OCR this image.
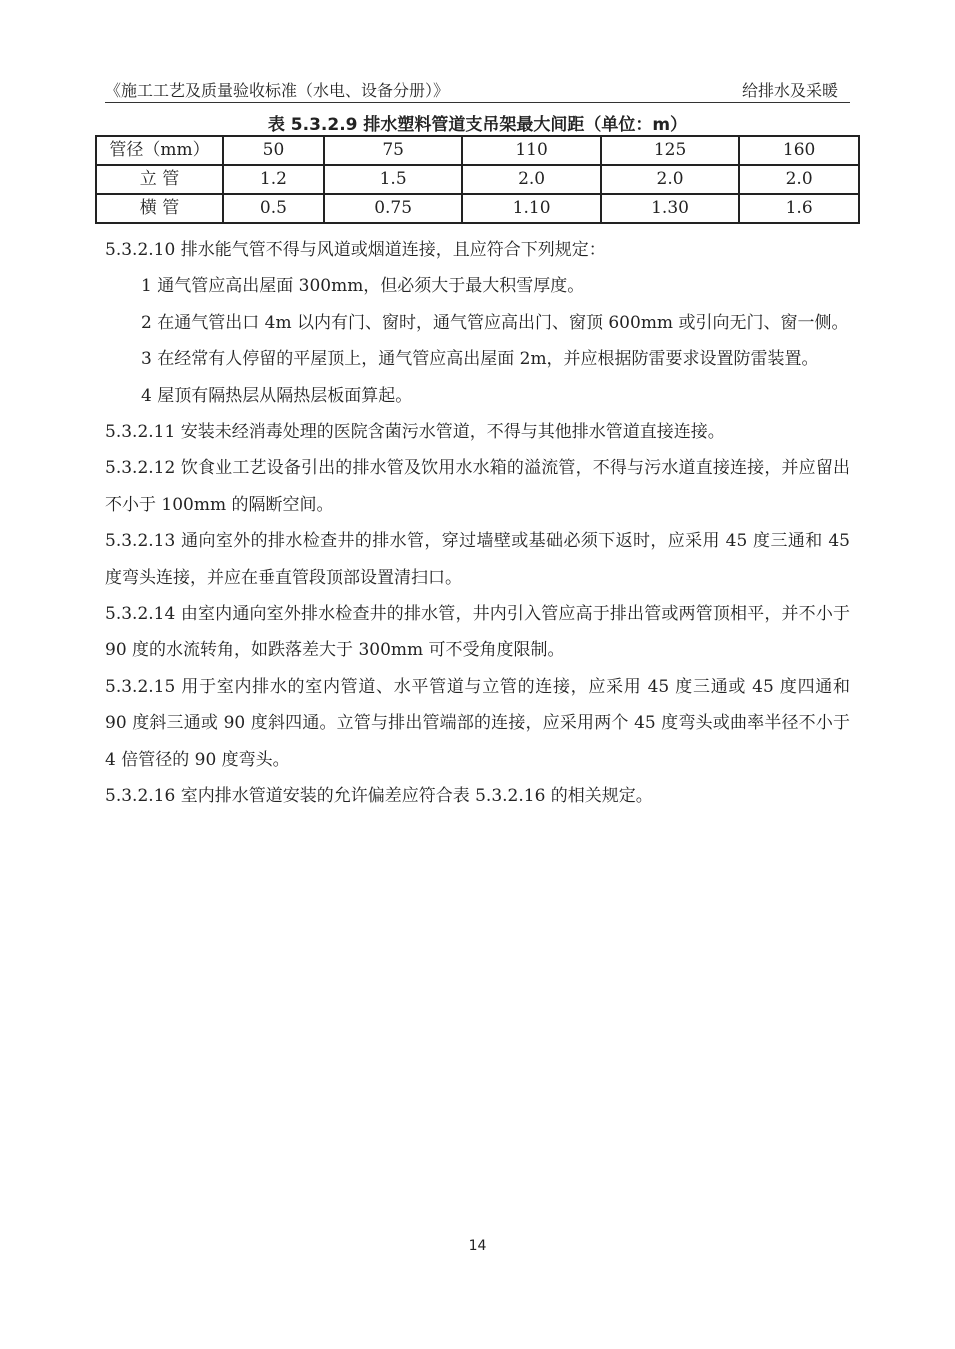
《施工工艺及质量验收标准（水电、设备分册）》	给排水及采暖
表 5.3.2.9 排水塑料管道支吊架最大间距（单位：m）
管径（mm）	50	75	110	125	160
立 管	1.2	1.5	2.0	2.0	2.0
横 管	0.5	0.75	1.10	1.30	1.6

5.3.2.10 排水能气管不得与风道或烟道连接，且应符合下列规定：

1 通气管应高出屋面 300mm，但必须大于最大积雪厚度。

2 在通气管出口 4m 以内有门、窗时，通气管应高出门、窗顶 600mm 或引向无门、窗一侧。

3 在经常有人停留的平屋顶上，通气管应高出屋面 2m，并应根据防雷要求设置防雷装置。

4 屋顶有隔热层从隔热层板面算起。

5.3.2.11 安装未经消毒处理的医院含菌污水管道，不得与其他排水管道直接连接。

5.3.2.12 饮食业工艺设备引出的排水管及饮用水水箱的溢流管，不得与污水道直接连接，并应留出不小于 100mm 的隔断空间。

5.3.2.13 通向室外的排水检查井的排水管，穿过墙壁或基础必须下返时，应采用 45 度三通和 45 度弯头连接，并应在垂直管段顶部设置清扫口。

5.3.2.14 由室内通向室外排水检查井的排水管，井内引入管应高于排出管或两管顶相平，并不小于 90 度的水流转角，如跌落差大于 300mm 可不受角度限制。

5.3.2.15 用于室内排水的室内管道、水平管道与立管的连接，应采用 45 度三通或 45 度四通和 90 度斜三通或 90 度斜四通。立管与排出管端部的连接，应采用两个 45 度弯头或曲率半径不小于 4 倍管径的 90 度弯头。

5.3.2.16 室内排水管道安装的允许偏差应符合表 5.3.2.16 的相关规定。

14
